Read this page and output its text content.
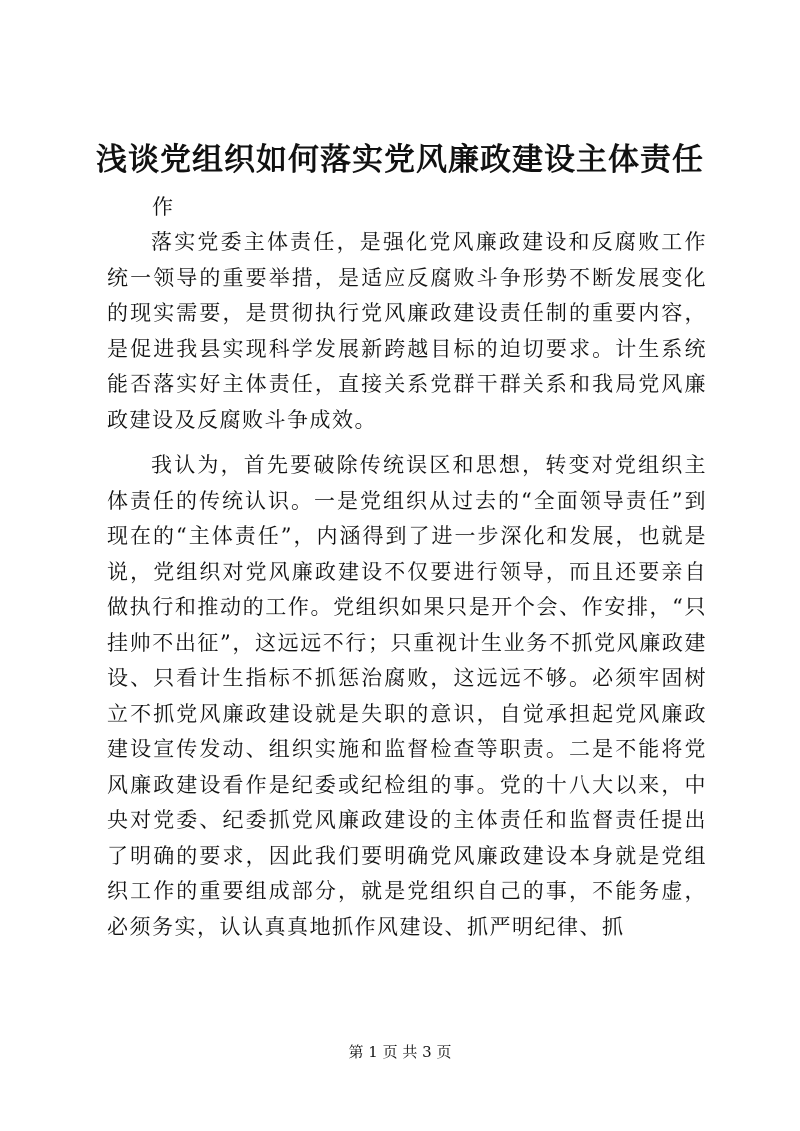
浅谈党组织如何落实党风廉政建设主体责任
作

落实党委主体责任，是强化党风廉政建设和反腐败工作统一领导的重要举措，是适应反腐败斗争形势不断发展变化的现实需要，是贯彻执行党风廉政建设责任制的重要内容，是促进我县实现科学发展新跨越目标的迫切要求。计生系统能否落实好主体责任，直接关系党群干群关系和我局党风廉政建设及反腐败斗争成效。

我认为，首先要破除传统误区和思想，转变对党组织主体责任的传统认识。一是党组织从过去的“全面领导责任”到现在的“主体责任”，内涵得到了进一步深化和发展，也就是说，党组织对党风廉政建设不仅要进行领导，而且还要亲自做执行和推动的工作。党组织如果只是开个会、作安排，“只挂帅不出征”，这远远不行；只重视计生业务不抓党风廉政建设、只看计生指标不抓惩治腐败，这远远不够。必须牢固树立不抓党风廉政建设就是失职的意识，自觉承担起党风廉政建设宣传发动、组织实施和监督检查等职责。二是不能将党风廉政建设看作是纪委或纪检组的事。党的十八大以来，中央对党委、纪委抓党风廉政建设的主体责任和监督责任提出了明确的要求，因此我们要明确党风廉政建设本身就是党组织工作的重要组成部分，就是党组织自己的事，不能务虚，必须务实，认认真真地抓作风建设、抓严明纪律、抓

第 1 页 共 3 页
